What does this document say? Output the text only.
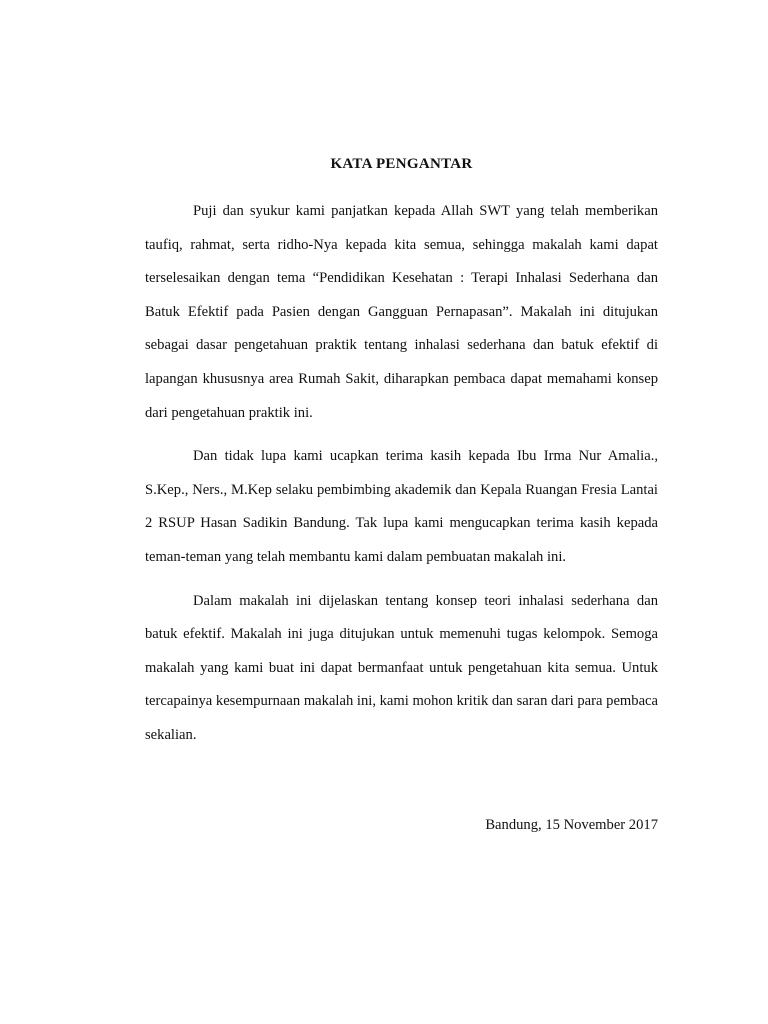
KATA PENGANTAR

Puji dan syukur kami panjatkan kepada Allah SWT yang telah memberikan taufiq, rahmat, serta ridho-Nya kepada kita semua, sehingga makalah kami dapat terselesaikan dengan tema “Pendidikan Kesehatan : Terapi Inhalasi Sederhana dan Batuk Efektif pada Pasien dengan Gangguan Pernapasan”. Makalah ini ditujukan sebagai dasar pengetahuan praktik tentang inhalasi sederhana dan batuk efektif di lapangan khususnya area Rumah Sakit, diharapkan pembaca dapat memahami konsep dari pengetahuan praktik ini.

Dan tidak lupa kami ucapkan terima kasih kepada Ibu Irma Nur Amalia., S.Kep., Ners., M.Kep selaku pembimbing akademik dan Kepala Ruangan Fresia Lantai 2 RSUP Hasan Sadikin Bandung. Tak lupa kami mengucapkan terima kasih kepada teman-teman yang telah membantu kami dalam pembuatan makalah ini.

Dalam makalah ini dijelaskan tentang konsep teori inhalasi sederhana dan batuk efektif. Makalah ini juga ditujukan untuk memenuhi tugas kelompok. Semoga makalah yang kami buat ini dapat bermanfaat untuk pengetahuan kita semua. Untuk tercapainya kesempurnaan makalah ini, kami mohon kritik dan saran dari para pembaca sekalian.

Bandung, 15 November 2017
